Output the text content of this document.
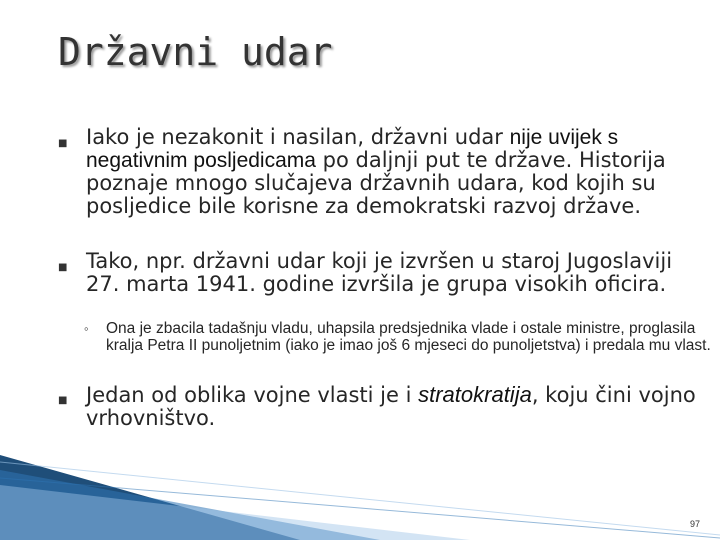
Državni udar
■ Iako je nezakonit i nasilan, državni udar nije uvijek s negativnim posljedicama po daljnji put te države. Historija poznaje mnogo slučajeva državnih udara, kod kojih su posljedice bile korisne za demokratski razvoj države.
■ Tako, npr. državni udar koji je izvršen u staroj Jugoslaviji 27. marta 1941. godine izvršila je grupa visokih oficira.
◦ Ona je zbacila tadašnju vladu, uhapsila predsjednika vlade i ostale ministre, proglasila kralja Petra II punoljetnim (iako je imao još 6 mjeseci do punoljetstva) i predala mu vlast.
■ Jedan od oblika vojne vlasti je i stratokratija, koju čini vojno vrhovništvo.
97
